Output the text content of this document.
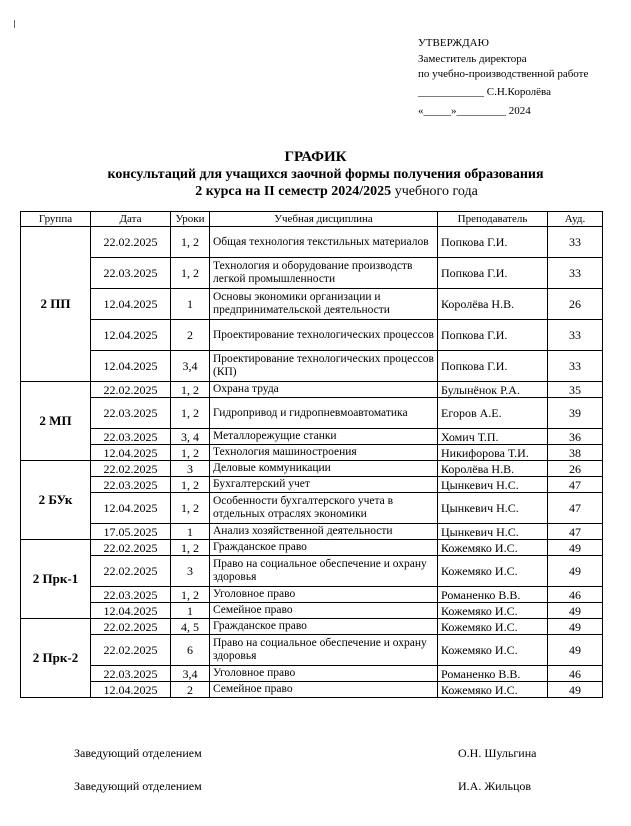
УТВЕРЖДАЮ
Заместитель директора
по учебно-производственной работе
____________ С.Н.Королёва
«_____»_________ 2024
ГРАФИК
консультаций для учащихся заочной формы получения образования
2 курса на II семестр 2024/2025 учебного года
Группа	Дата	Уроки	Учебная дисциплина	Преподаватель	Ауд.
2 ПП	22.02.2025	1, 2	Общая технология текстильных материалов	Попкова Г.И.	33
	22.03.2025	1, 2	Технология и оборудование производств легкой промышленности	Попкова Г.И.	33
	12.04.2025	1	Основы экономики организации и предпринимательской деятельности	Королёва Н.В.	26
	12.04.2025	2	Проектирование технологических процессов	Попкова Г.И.	33
	12.04.2025	3,4	Проектирование технологических процессов (КП)	Попкова Г.И.	33
2 МП	22.02.2025	1, 2	Охрана труда	Булынёнок Р.А.	35
	22.03.2025	1, 2	Гидропривод и гидропневмоавтоматика	Егоров А.Е.	39
	22.03.2025	3, 4	Металлорежущие станки	Хомич Т.П.	36
	12.04.2025	1, 2	Технология машиностроения	Никифорова Т.И.	38
2 БУк	22.02.2025	3	Деловые коммуникации	Королёва Н.В.	26
	22.03.2025	1, 2	Бухгалтерский учет	Цынкевич Н.С.	47
	12.04.2025	1, 2	Особенности бухгалтерского учета в отдельных отраслях экономики	Цынкевич Н.С.	47
	17.05.2025	1	Анализ хозяйственной деятельности	Цынкевич Н.С.	47
2 Прк-1	22.02.2025	1, 2	Гражданское право	Кожемяко И.С.	49
	22.02.2025	3	Право на социальное обеспечение и охрану здоровья	Кожемяко И.С.	49
	22.03.2025	1, 2	Уголовное право	Романенко В.В.	46
	12.04.2025	1	Семейное право	Кожемяко И.С.	49
2 Прк-2	22.02.2025	4, 5	Гражданское право	Кожемяко И.С.	49
	22.02.2025	6	Право на социальное обеспечение и охрану здоровья	Кожемяко И.С.	49
	22.03.2025	3,4	Уголовное право	Романенко В.В.	46
	12.04.2025	2	Семейное право	Кожемяко И.С.	49
Заведующий отделением	О.Н. Шульгина
Заведующий отделением	И.А. Жильцов
